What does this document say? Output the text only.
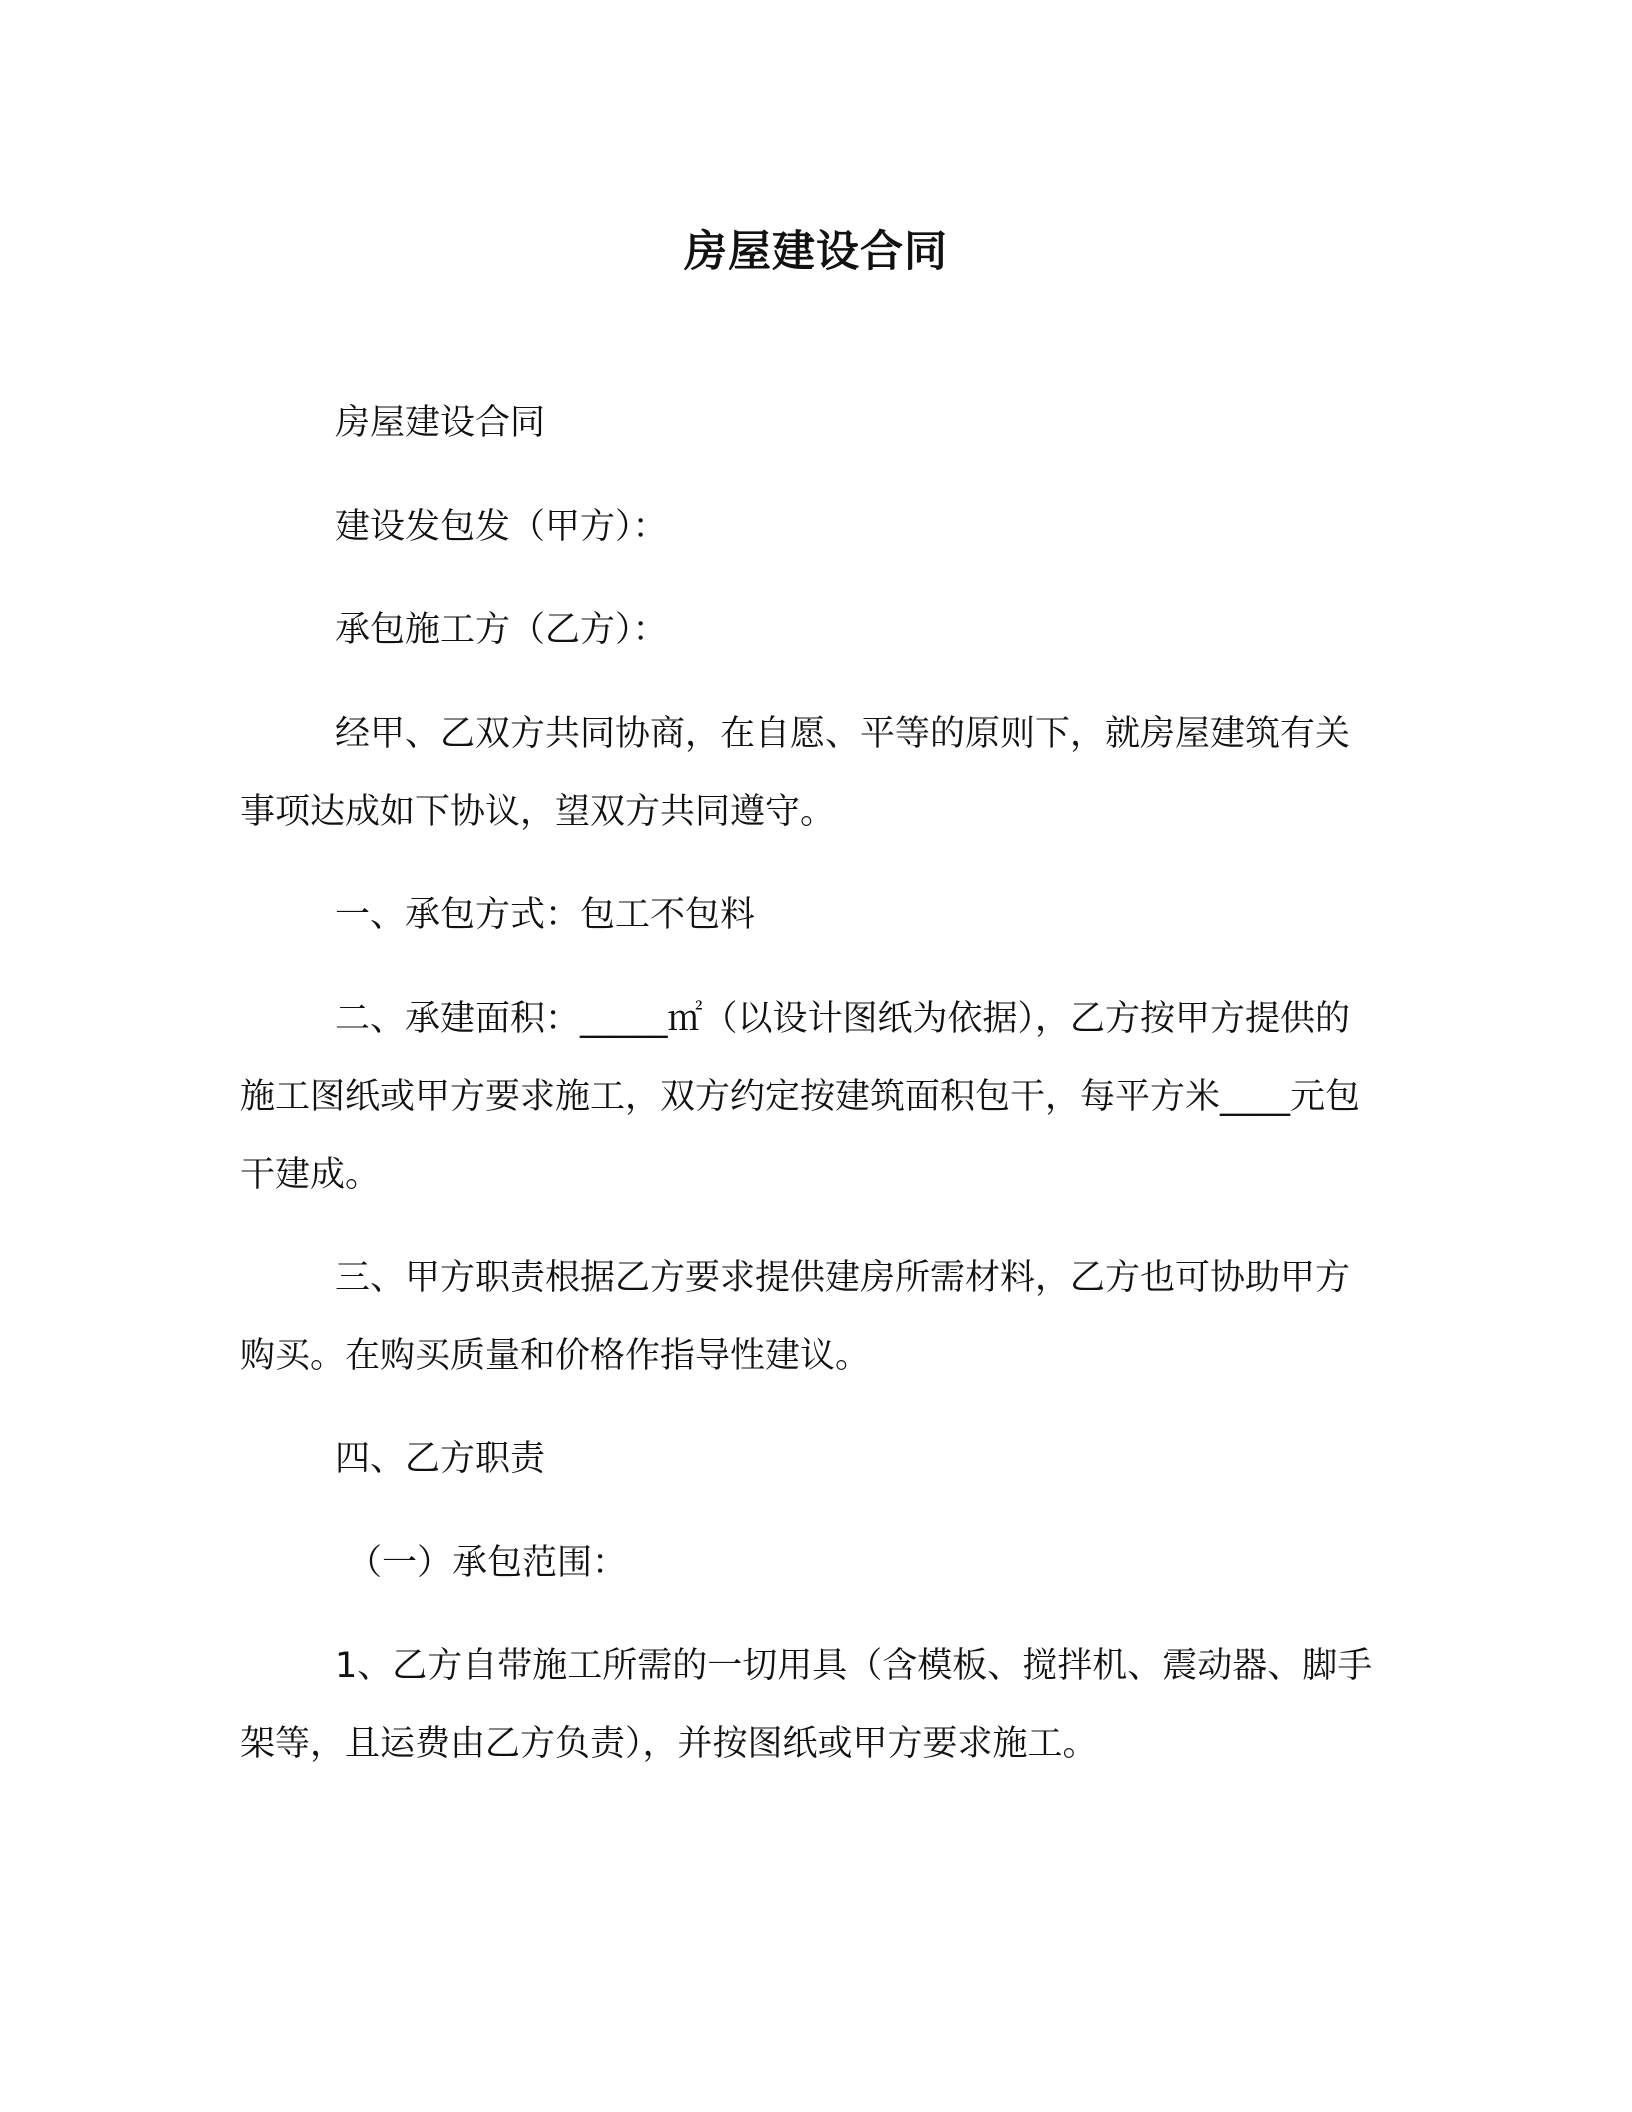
房屋建设合同

房屋建设合同

建设发包发（甲方）：

承包施工方（乙方）：

经甲、乙双方共同协商，在自愿、平等的原则下，就房屋建筑有关事项达成如下协议，望双方共同遵守。

一、承包方式：包工不包料

二、承建面积：_____㎡（以设计图纸为依据），乙方按甲方提供的施工图纸或甲方要求施工，双方约定按建筑面积包干，每平方米____元包干建成。

三、甲方职责根据乙方要求提供建房所需材料，乙方也可协助甲方购买。在购买质量和价格作指导性建议。

四、乙方职责

（一）承包范围：

1、乙方自带施工所需的一切用具（含模板、搅拌机、震动器、脚手架等，且运费由乙方负责），并按图纸或甲方要求施工。
